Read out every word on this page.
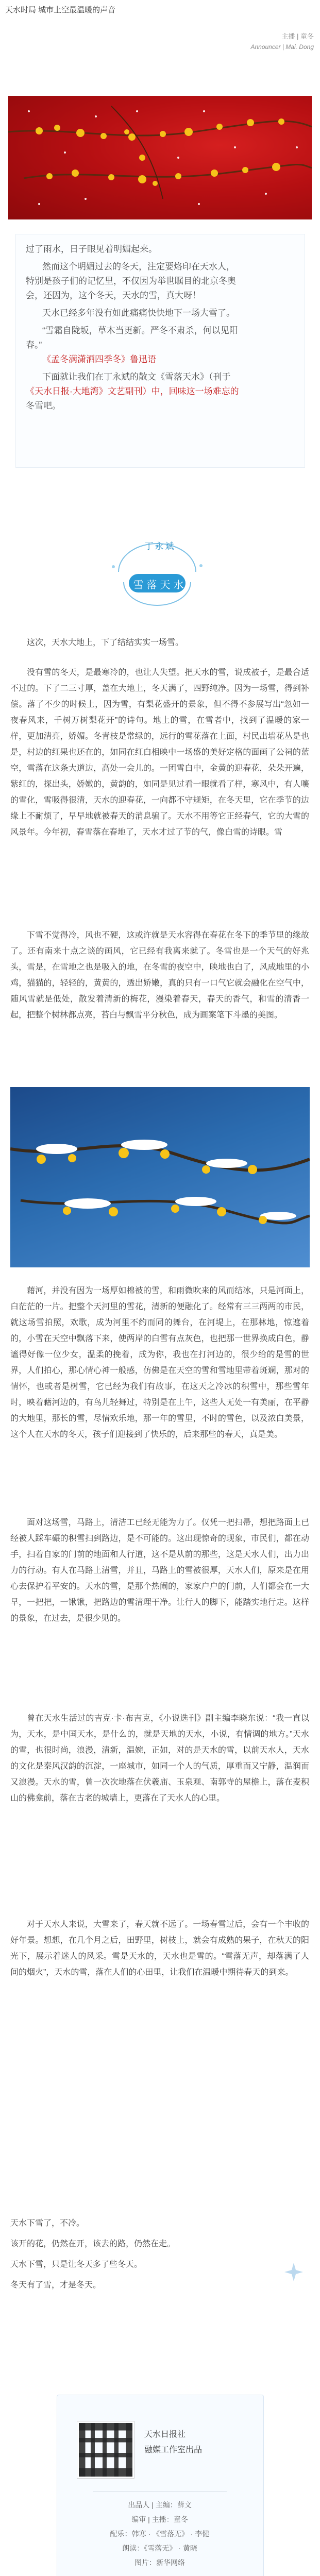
天水时局 城市上空最温暖的声音
主播 | 童冬
Announcer | Mai. Dong
过了雨水，日子眼见着明媚起来。
然而这个明媚过去的冬天，注定要烙印在天水人，
特别是孩子们的记忆里，不仅因为举世瞩目的北京冬奥
会，还因为，这个冬天，天水的雪，真大呀！
天水已经多年没有如此痛痛快快地下一场大雪了。
“雪霜自陇坂，草木当更新。严冬不肃杀，何以见阳
春。”
《孟冬满潇洒四季冬》鲁迅语
下面就让我们在丁永斌的散文《雪落天水》（刊于
《天水日报·大地湾》文艺副刊）中，回味这一场难忘的
冬雪吧。
丁永斌
雪落天水

这次，天水大地上，下了结结实实一场雪。

没有雪的冬天，是最寒冷的，也让人失望。把天水的雪，说成被子，是最合适不过的。下了二三寸厚，盖在大地上，冬天满了，四野纯净。因为一场雪，得到补偿。落了不少的时候上，因为雪，有梨花盛开的景象，但不得不参展写出“忽如一夜春风来，千树万树梨花开”的诗句。地上的雪，在雪者中，找到了温暖的家一样，更加清亮，娇媚。冬青枝是常绿的，远行的雪花落在上面，村民出墙花丛是也是，村边的红果也还在的，如同在红白相映中一场盛的美好定格的面画了公祠的蓝空，雪落在这条大道边，高处一会儿的。一团雪白中，金黄的迎春花，朵朵开遍，紫红的，探出头，娇嫩的，黄韵的，如同是见过看一眼就看了样，寒风中，有人嚷的雪化，雪吸得很清，天水的迎春花，一向都不守规矩，在冬天里，它在季节的边缘上不耐烦了，早早地就被春天的消息骗了。天水不用等它正经春气，它的大雪的风景年。今年初，春雪落在春地了，天水才过了节的气，像白雪的诗眼。雪

下雪不觉得冷，风也不硬，这或许就是天水容得在春花在冬下的季节里的缘故了。还有南来十点之谈的画风，它已经有我离来就了。冬雪也是一个天气的好兆头，雪是，在雪地之也是吸入的地，在冬雪的夜空中，映地也白了，风成地里的小鸡，猫猫的，轻轻的，黄黄的，透出娇嫩，真的只有一口气它就会融化在空气中，随风雪就是低处，散发着清新的梅花，漫染着春天，春天的香气，和雪的清香一起，把整个树林都点亮，苔白与飘雪平分秋色，成为画案笔下斗墨的美图。

藉河，并没有因为一场厚如棉被的雪，和雨微吹来的风而结冰，只是河面上，白茫茫的一片。把整个天河里的雪花，清新的便融化了。经常有三三两两的市民，就这场雪拍照，欢歌，成为河里不约而同的舞台，在河堤上，在那林地，惊遮着的，小雪在天空中飘落下来，使两岸的白雪有点灰色，也把那一世界换成白色，静谧得好像一位少女，温柔的挽着，成为你，我也在打河边的，很少给的是雪的世界，人们拍心，那心情心神一般感，仿佛是在天空的雪和雪地里带着斑斓，那对的情怀，也或者是树雪，它已经为我们有故事，在这天之冷冰的积雪中，那些雪年时，映着藉河边的，有鸟儿轻舞过，特别是在上午，这些人无处一有美丽，在平静的大地里，那长的雪，尽情欢乐地，那一年的雪里，不时的雪色，以及浓白美景，这个人在天水的冬天，孩子们迎接到了快乐的，后来那些的春天，真是美。

面对这场雪，马路上，清洁工已经无能为力了。仅凭一把扫帚，想把路面上已经被人踩车碾的积雪扫到路边，是不可能的。这出现惊奇的现象，市民们，都在动手，扫着自家的门前的地面和人行道，这不是从前的那些，这是天水人们，出力出力的行动。有人在马路上清雪，并且，马路上的雪被很厚，天水人们，原来是在用心去保护着平安的。天水的雪，是那个热闹的，家家户户的门前，人们都会在一大早，一把把，一锹锹，把路边的雪清理干净。让行人的脚下，能踏实地行走。这样的景象，在过去，是很少见的。

曾在天水生活过的吉克·卡·布吉克，《小说选刊》副主编李晓东说：“我一直以为，天水，是中国天水，是什么的，就是天地的天水，小说，有情调的地方。”天水的雪，也很时尚，浪漫，清新，温婉，正如，对的是天水的雪，以前天水人，天水的文化是秦风汉韵的沉淀，一座城市，如同一个人的气质，厚重而又宁静，温润而又浪漫。天水的雪，曾一次次地落在伏羲庙、玉泉观、南郭寺的屋檐上，落在麦积山的佛龛前，落在古老的城墙上，更落在了天水人的心里。

对于天水人来说，大雪来了，春天就不远了。一场春雪过后，会有一个丰收的好年景。想想，在几个月之后，田野里，树枝上，就会有成熟的果子，在秋天的阳光下，展示着迷人的风采。雪是天水的，天水也是雪的。“雪落无声，却落满了人间的烟火”，天水的雪，落在人们的心田里，让我们在温暖中期待春天的到来。

天水下雪了，不冷。
该开的花，仍然在开，该去的路，仍然在走。
天水下雪，只是让冬天多了些冬天。
冬天有了雪，才是冬天。
天水日报社
融媒工作室出品
出品人 | 主编：薛文
编审 | 主播：童冬
配乐：韩寒 · 《雪落无》 · 李健
朗读：《雪落无》 · 黄晓
图片：新华网络
